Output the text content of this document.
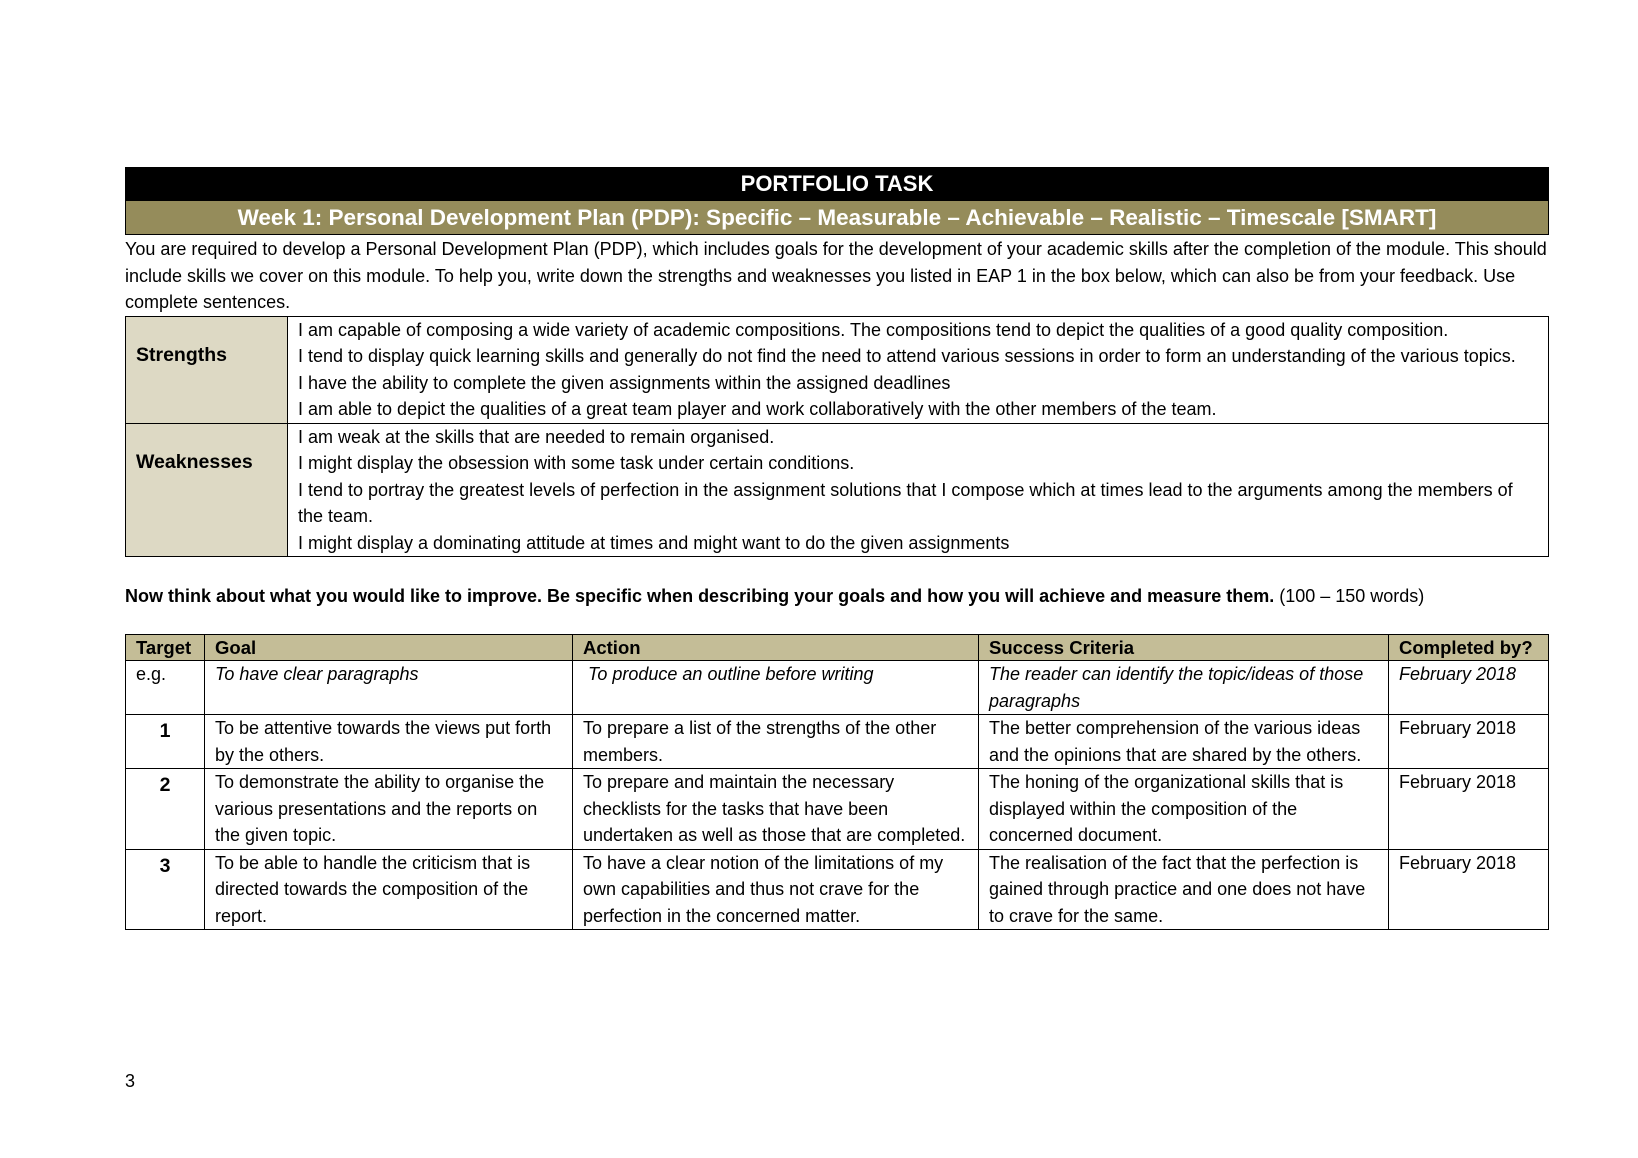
PORTFOLIO TASK
Week 1: Personal Development Plan (PDP): Specific – Measurable – Achievable – Realistic – Timescale [SMART]

You are required to develop a Personal Development Plan (PDP), which includes goals for the development of your academic skills after the completion of the module. This should include skills we cover on this module. To help you, write down the strengths and weaknesses you listed in EAP 1 in the box below, which can also be from your feedback. Use complete sentences.

Strengths	I am capable of composing a wide variety of academic compositions. The compositions tend to depict the qualities of a good quality composition.

I tend to display quick learning skills and generally do not find the need to attend various sessions in order to form an understanding of the various topics.

I have the ability to complete the given assignments within the assigned deadlines

I am able to depict the qualities of a great team player and work collaboratively with the other members of the team.

Weaknesses	I am weak at the skills that are needed to remain organised.

I might display the obsession with some task under certain conditions.

I tend to portray the greatest levels of perfection in the assignment solutions that I compose which at times lead to the arguments among the members of the team.

I might display a dominating attitude at times and might want to do the given assignments

Now think about what you would like to improve. Be specific when describing your goals and how you will achieve and measure them. (100 – 150 words)

Target	Goal	Action	Success Criteria	Completed by?
e.g.	To have clear paragraphs	To produce an outline before writing	The reader can identify the topic/ideas of those paragraphs	February 2018
1	To be attentive towards the views put forth by the others.	To prepare a list of the strengths of the other members.	The better comprehension of the various ideas and the opinions that are shared by the others.	February 2018
2	To demonstrate the ability to organise the various presentations and the reports on the given topic.	To prepare and maintain the necessary checklists for the tasks that have been undertaken as well as those that are completed.	The honing of the organizational skills that is displayed within the composition of the concerned document.	February 2018
3	To be able to handle the criticism that is directed towards the composition of the report.	To have a clear notion of the limitations of my own capabilities and thus not crave for the perfection in the concerned matter.	The realisation of the fact that the perfection is gained through practice and one does not have to crave for the same.	February 2018
3
